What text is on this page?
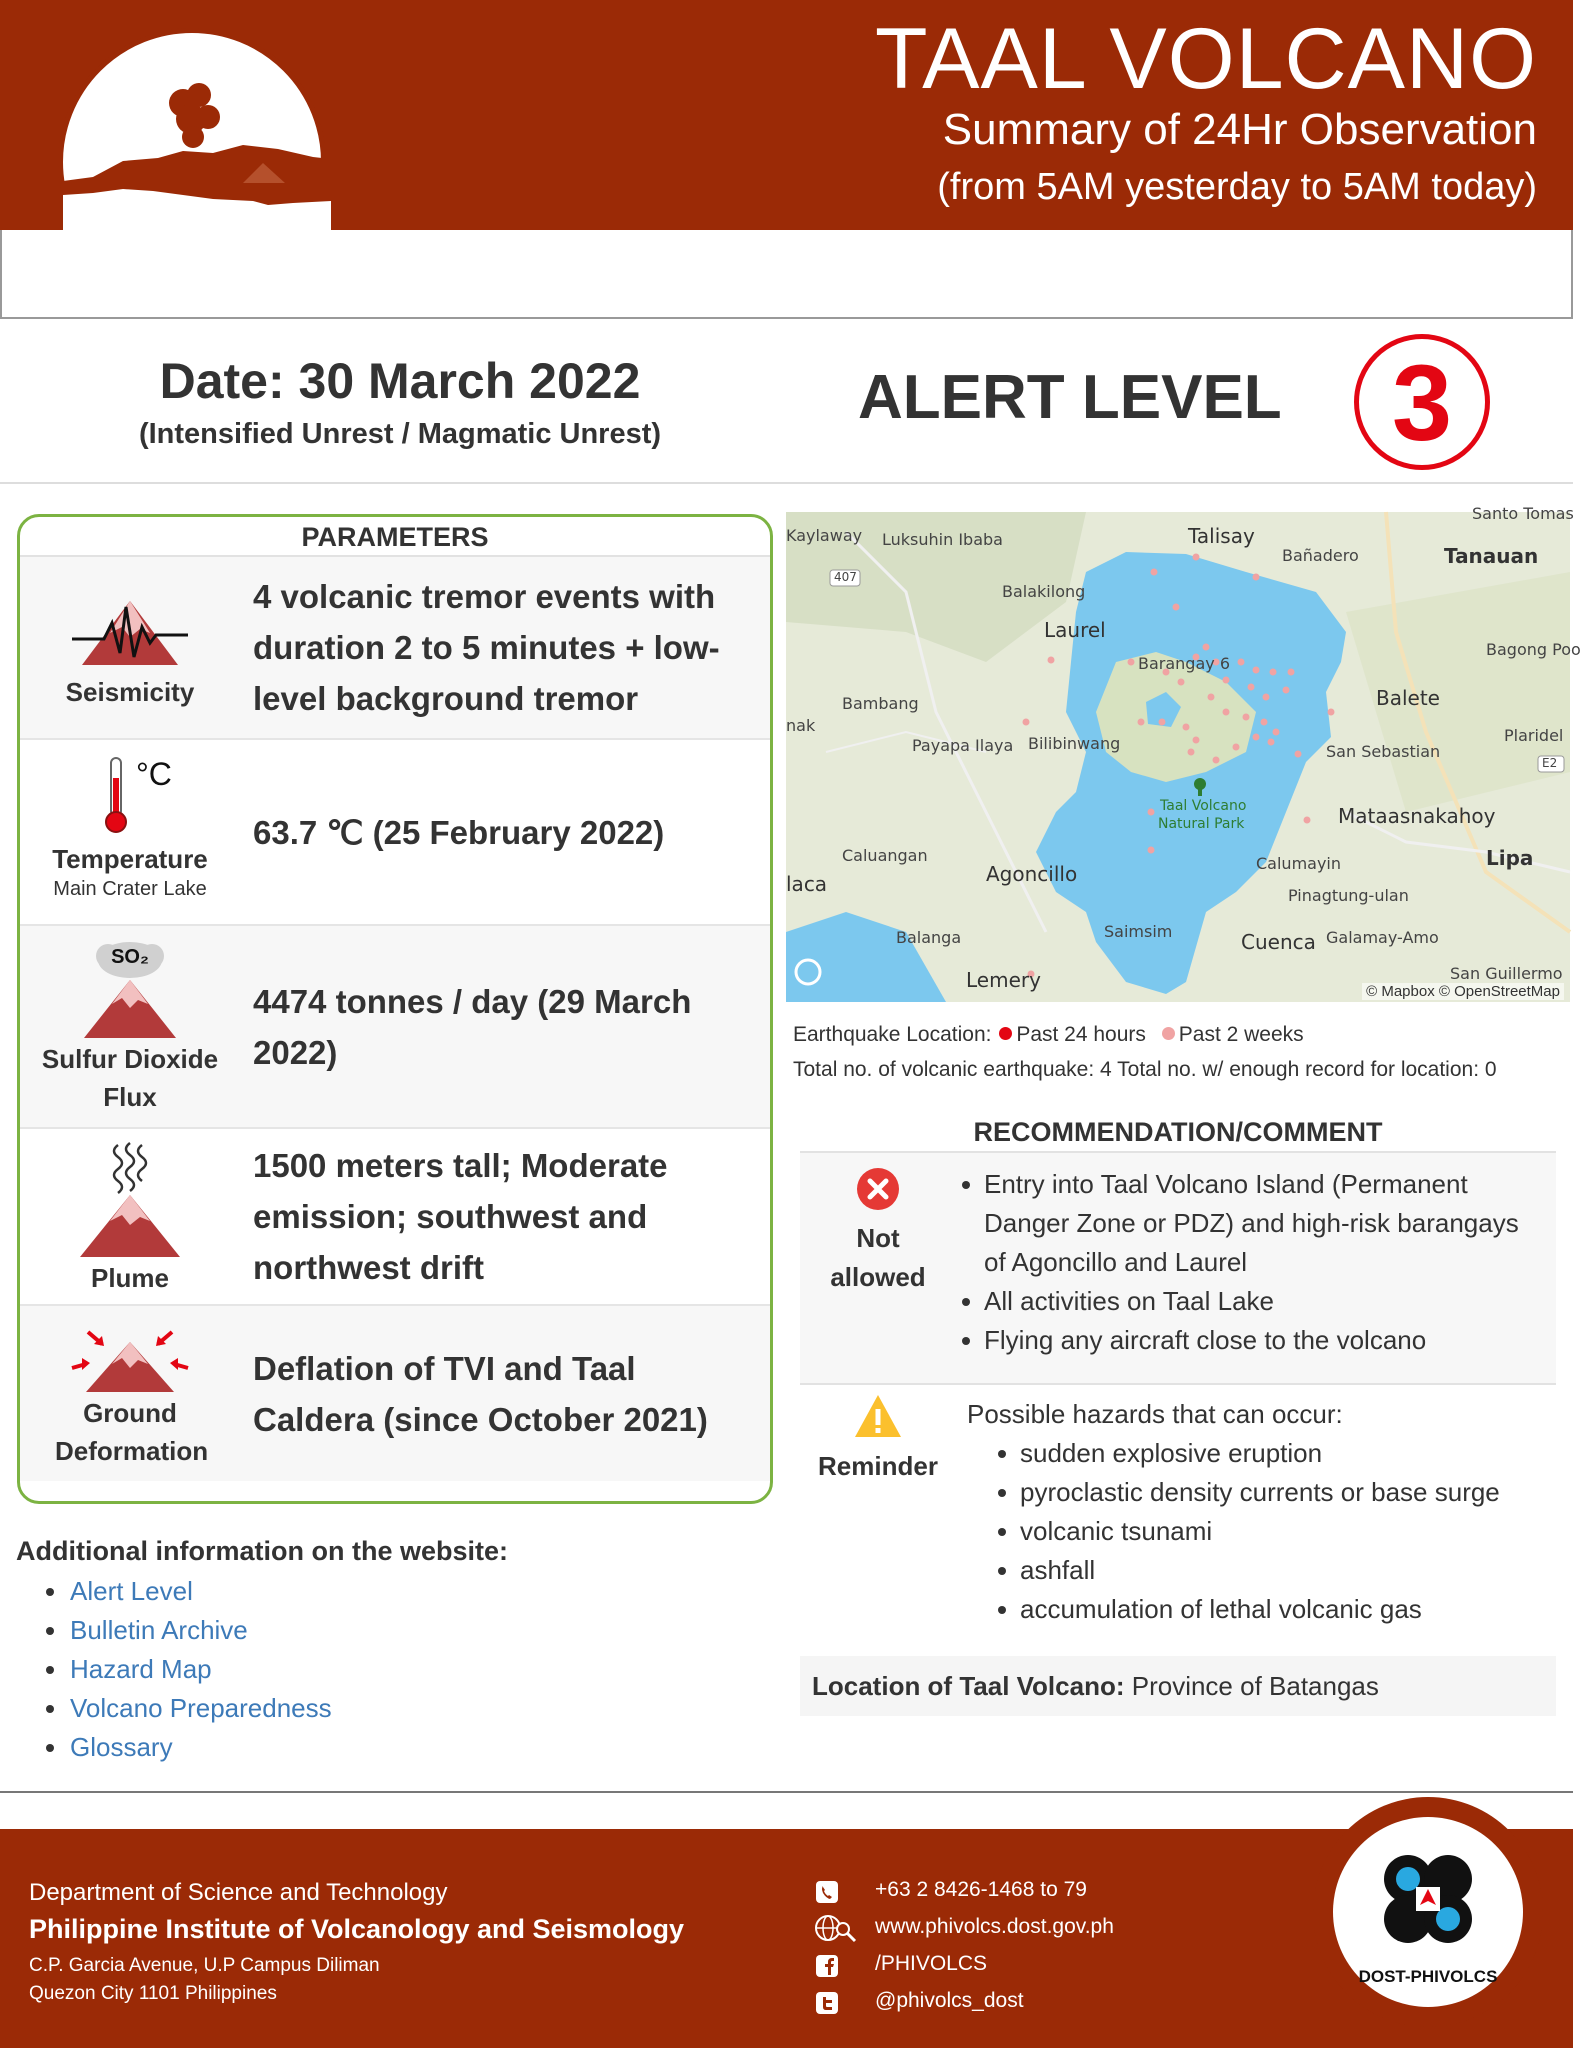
TAAL VOLCANO
Summary of 24Hr Observation
(from 5AM yesterday to 5AM today)
Date: 30 March 2022
(Intensified Unrest / Magmatic Unrest)
ALERT LEVEL	3
PARAMETERS
Seismicity
4 volcanic tremor events with duration 2 to 5 minutes + low-level background tremor
°C
Temperature
Main Crater Lake
63.7 ℃ (25 February 2022)
SO₂
Sulfur Dioxide Flux
4474 tonnes / day (29 March 2022)
Plume
1500 meters tall; Moderate emission; southwest and northwest drift
Ground Deformation
Deflation of TVI and Taal Caldera (since October 2021)
Additional information on the website:
Alert Level
Bulletin Archive
Hazard Map
Volcano Preparedness
Glossary
Kaylaway Luksuhin Ibaba	Talisay
Bañadero	Tanauan
Bagong Poo
407
Balakilong
Laurel
Barangay 6
Balete
Bambang
nak
Payapa Ilaya Bilibinwang	San Sebastian
E2
Plaridel
Taal Volcano
Natural Park	Mataasnakahoy
Caluangan
Agoncillo	Calumayin	Lipa
laca	Pinagtung-ulan
Balanga	Saimsim	Cuenca Galamay-Amo
Lemery	San Guillermo
Santo Tomas
© Mapbox © OpenStreetMap
Earthquake Location: Past 24 hours Past 2 weeks
Total no. of volcanic earthquake: 4 Total no. w/ enough record for location: 0
RECOMMENDATION/COMMENT
Not
allowed
Entry into Taal Volcano Island (Permanent Danger Zone or PDZ) and high-risk barangays of Agoncillo and Laurel
All activities on Taal Lake
Flying any aircraft close to the volcano
Reminder
Possible hazards that can occur:
sudden explosive eruption
pyroclastic density currents or base surge
volcanic tsunami
ashfall
accumulation of lethal volcanic gas
Location of Taal Volcano: Province of Batangas
DOST-PHIVOLCS
Department of Science and Technology
Philippine Institute of Volcanology and Seismology
C.P. Garcia Avenue, U.P Campus Diliman
Quezon City 1101 Philippines
+63 2 8426-1468 to 79
www.phivolcs.dost.gov.ph
/PHIVOLCS
@phivolcs_dost
